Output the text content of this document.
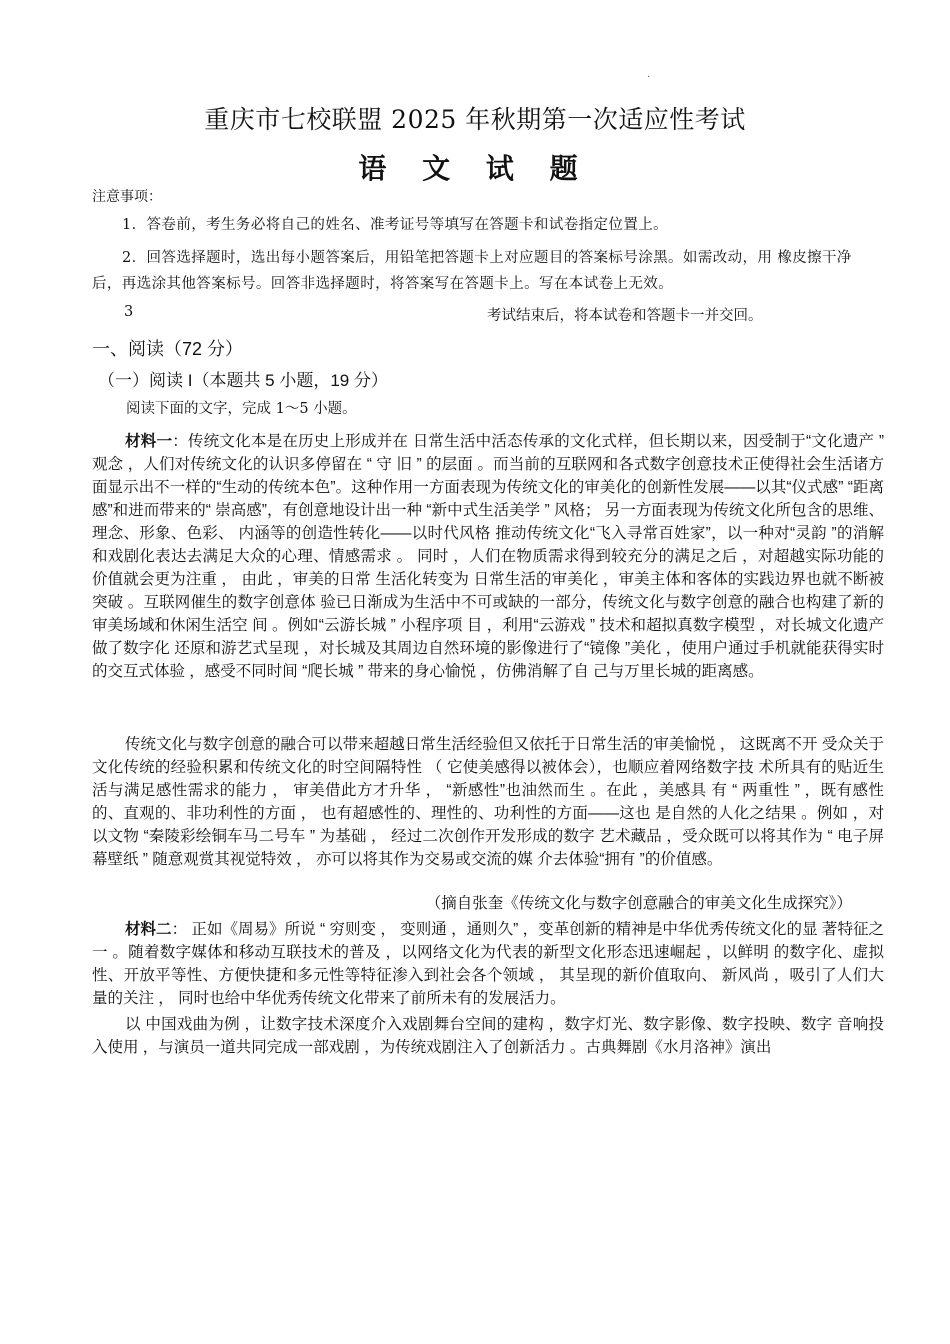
·
重庆市七校联盟 2025 年秋期第一次适应性考试
语 文 试 题
注意事项：
1．答卷前，考生务必将自己的姓名、准考证号等填写在答题卡和试卷指定位置上。
2．回答选择题时，选出每小题答案后，用铅笔把答题卡上对应题目的答案标号涂黑。如需改动，用 橡皮擦干净后，再选涂其他答案标号。回答非选择题时，将答案写在答题卡上。写在本试卷上无效。
3	考试结束后，将本试卷和答题卡一并交回。
一、阅读（72 分）
（一）阅读 I（本题共 5 小题，19 分）
阅读下面的文字，完成 1～5 小题。
材料一：传统文化本是在历史上形成并在 日常生活中活态传承的文化式样，但长期以来，因受制于“文化遗产 ” 观念 ，人们对传统文化的认识多停留在 “ 守 旧 ” 的层面 。而当前的互联网和各式数字创意技术正使得社会生活诸方面显示出不一样的“生动的传统本色”。这种作用一方面表现为传统文化的审美化的创新性发展——以其“仪式感” “距离感”和进而带来的“ 崇高感”，有创意地设计出一种 “新中式生活美学 ” 风格； 另一方面表现为传统文化所包含的思维、理念、形象、色彩、 内涵等的创造性转化——以时代风格 推动传统文化“飞入寻常百姓家”，以一种对“灵韵 ”的消解和戏剧化表达去满足大众的心理、情感需求 。 同时 ，人们在物质需求得到较充分的满足之后 ，对超越实际功能的价值就会更为注重 ， 由此 ，审美的日常 生活化转变为 日常生活的审美化 ，审美主体和客体的实践边界也就不断被突破 。互联网催生的数字创意体 验已日渐成为生活中不可或缺的一部分，传统文化与数字创意的融合也构建了新的审美场域和休闲生活空 间 。例如“云游长城 ” 小程序项 目 ，利用“云游戏 ” 技术和超拟真数字模型 ，对长城文化遗产做了数字化 还原和游艺式呈现 ，对长城及其周边自然环境的影像进行了“镜像 ”美化 ，使用户通过手机就能获得实时 的交互式体验 ，感受不同时间 “爬长城 ” 带来的身心愉悦 ，仿佛消解了自 己与万里长城的距离感。
传统文化与数字创意的融合可以带来超越日常生活经验但又依托于日常生活的审美愉悦 ， 这既离不开 受众关于文化传统的经验积累和传统文化的时空间隔特性 （ 它使美感得以被体会），也顺应着网络数字技 术所具有的贴近生活与满足感性需求的能力 ， 审美借此方才升华 ， “新感性”也油然而生 。在此 ，美感具 有 “ 两重性 ” ，既有感性的、直观的、非功利性的方面 ， 也有超感性的、理性的、功利性的方面——这也 是自然的人化之结果 。例如 ，对以文物 “秦陵彩绘铜车马二号车 ” 为基础 ， 经过二次创作开发形成的数字 艺术藏品 ，受众既可以将其作为 “ 电子屏幕壁纸 ” 随意观赏其视觉特效 ， 亦可以将其作为交易或交流的媒 介去体验“拥有 ”的价值感。
（摘自张奎《传统文化与数字创意融合的审美文化生成探究》）
材料二： 正如《周易》所说 “ 穷则变 ， 变则通 ，通则久” ，变革创新的精神是中华优秀传统文化的显 著特征之一 。随着数字媒体和移动互联技术的普及 ，以网络文化为代表的新型文化形态迅速崛起 ，以鲜明 的数字化、虚拟性、开放平等性、方便快捷和多元性等特征渗入到社会各个领域 ， 其呈现的新价值取向、 新风尚 ，吸引了人们大量的关注 ， 同时也给中华优秀传统文化带来了前所未有的发展活力。
以 中国戏曲为例 ，让数字技术深度介入戏剧舞台空间的建构 ，数字灯光、数字影像、数字投映、数字 音响投入使用 ，与演员一道共同完成一部戏剧 ，为传统戏剧注入了创新活力 。古典舞剧《水月洛神》演出
